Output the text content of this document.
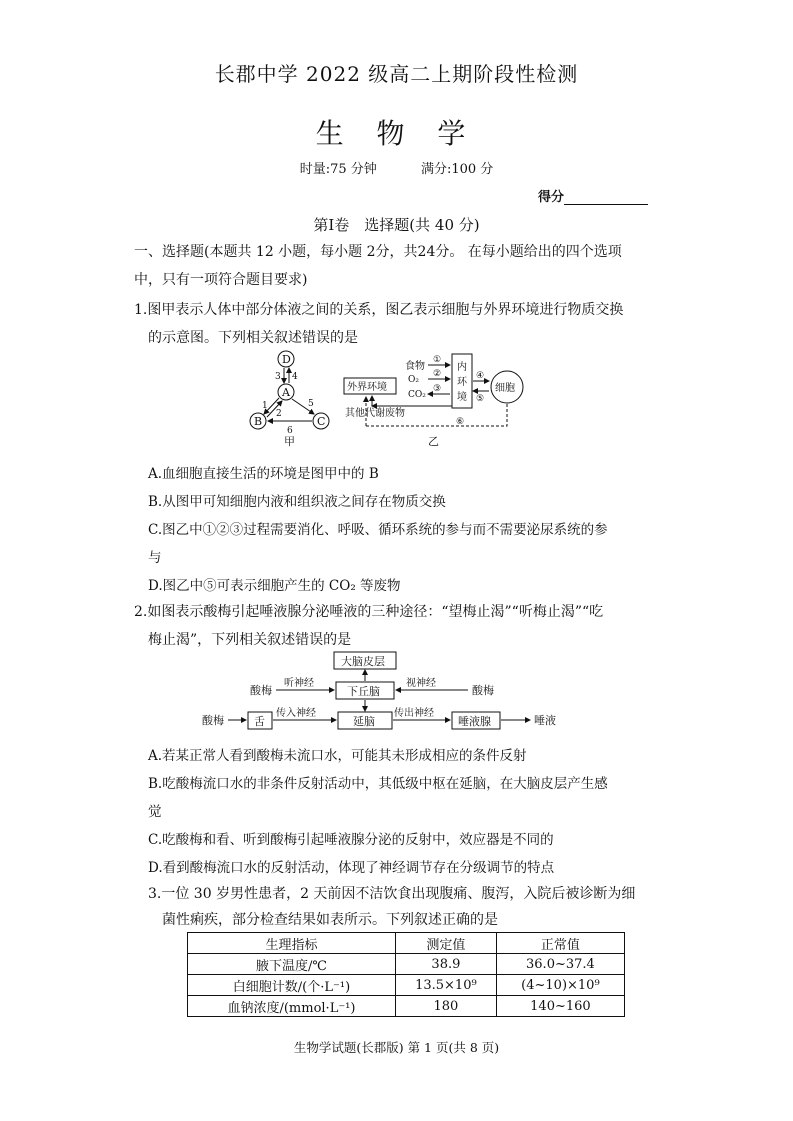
长郡中学 2022 级高二上期阶段性检测
生 物 学
时量:75 分钟	满分:100 分
得分
第Ⅰ卷　选择题(共 40 分)
一、选择题(本题共 12 小题，每小题 2分，共24分。 在每小题给出的四个选项
中，只有一项符合题目要求)
1.图甲表示人体中部分体液之间的关系，图乙表示细胞与外界环境进行物质交换
的示意图。下列相关叙述错误的是
D
A
B	C
3 4
1
2
5
6
甲
外界环境
食物
O₂
CO₂
①
②
③
内
环
境
④
⑤
细胞
其他代谢废物
⑥
乙
A.血细胞直接生活的环境是图甲中的 B
B.从图甲可知细胞内液和组织液之间存在物质交换
C.图乙中①②③过程需要消化、呼吸、循环系统的参与而不需要泌尿系统的参
与
D.图乙中⑤可表示细胞产生的 CO₂ 等废物
2.如图表示酸梅引起唾液腺分泌唾液的三种途径：“望梅止渴”“听梅止渴”“吃
梅止渴”，下列相关叙述错误的是
大脑皮层
下丘脑
酸梅
听神经
酸梅
视神经
酸梅	舌
传入神经
延脑
传出神经
唾液腺	唾液
A.若某正常人看到酸梅未流口水，可能其未形成相应的条件反射
B.吃酸梅流口水的非条件反射活动中，其低级中枢在延脑，在大脑皮层产生感
觉
C.吃酸梅和看、听到酸梅引起唾液腺分泌的反射中，效应器是不同的
D.看到酸梅流口水的反射活动，体现了神经调节存在分级调节的特点
3.一位 30 岁男性患者，2 天前因不洁饮食出现腹痛、腹泻，入院后被诊断为细
菌性痢疾，部分检查结果如表所示。下列叙述正确的是
生理指标	测定值	正常值
腋下温度/℃	38.9	36.0~37.4
白细胞计数/(个·L⁻¹)	13.5×10⁹	(4~10)×10⁹
血钠浓度/(mmol·L⁻¹)	180	140~160
生物学试题(长郡版) 第 1 页(共 8 页)
